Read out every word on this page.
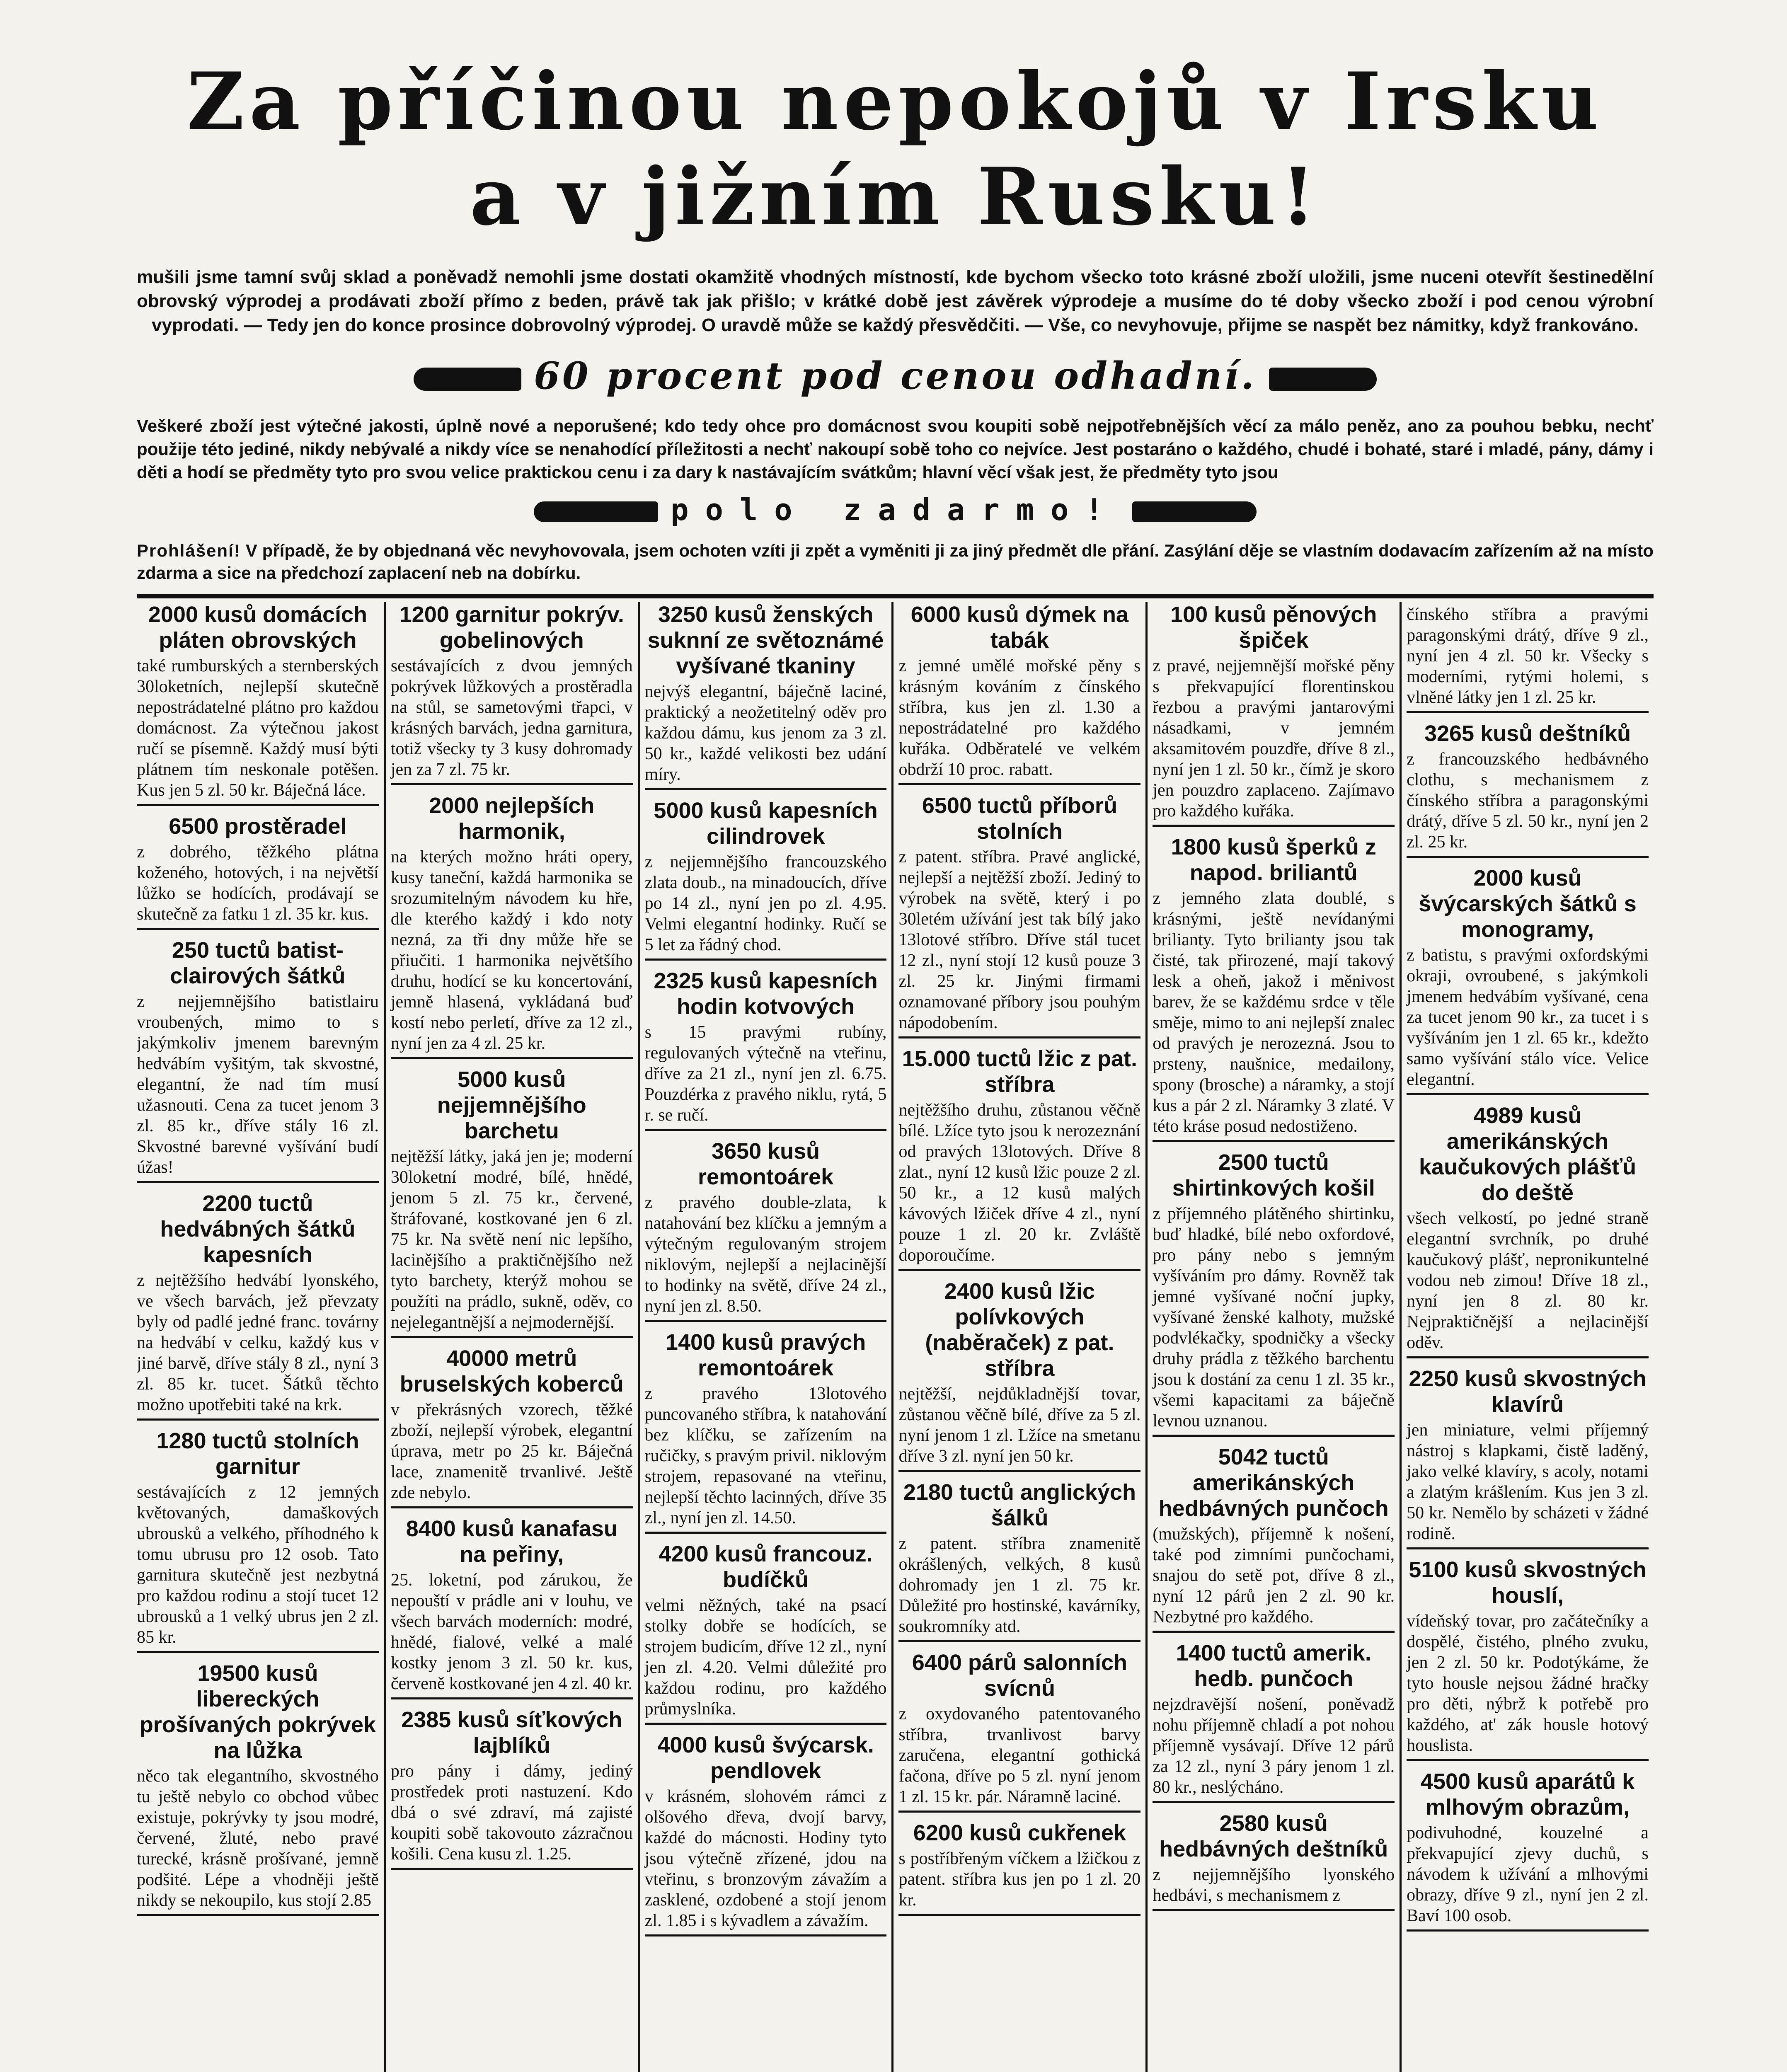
Za příčinou nepokojů v Irsku
a v jižním Rusku!
mušili jsme tamní svůj sklad a poněvadž nemohli jsme dostati okamžitě vhodných místností, kde bychom všecko toto krásné zboží uložili, jsme nuceni otevřít šestinedělní obrovský výprodej a prodávati zboží přímo z beden, právě tak jak přišlo; v krátké době jest závěrek výprodeje a musíme do té doby všecko zboží i pod cenou výrobní vyprodati. — Tedy jen do konce prosince dobrovolný výprodej. O uravdě může se každý přesvědčiti. — Vše, co nevyhovuje, přijme se naspět bez námitky, když frankováno.
60 procent pod cenou odhadní.
Veškeré zboží jest výtečné jakosti, úplně nové a neporušené; kdo tedy ohce pro domácnost svou koupiti sobě nejpotřebnějších věcí za málo peněz, ano za pouhou bebku, nechť použije této jediné, nikdy nebývalé a nikdy více se nenahodící příležitosti a nechť nakoupí sobě toho co nejvíce. Jest postaráno o každého, chudé i bohaté, staré i mladé, pány, dámy i děti a hodí se předměty tyto pro svou velice praktickou cenu i za dary k nastávajícím svátkům; hlavní věcí však jest, že předměty tyto jsou
polo zadarmo!
Prohlášení! V případě, že by objednaná věc nevyhovovala, jsem ochoten vzíti ji zpět a vyměniti ji za jiný předmět dle přání. Zasýlání děje se vlastním dodavacím zařízením až na místo zdarma a sice na předchozí zaplacení neb na dobírku.
2000 kusů domácích pláten obrovských

také rumburských a sternberských 30loketních, nejlepší skutečně nepostrádatelné plátno pro každou domácnost. Za výtečnou jakost ručí se písemně. Každý musí býti plátnem tím neskonale potěšen. Kus jen 5 zl. 50 kr. Báječná láce.

6500 prostěradel

z dobrého, těžkého plátna koženého, hotových, i na největší lůžko se hodících, prodávají se skutečně za fatku 1 zl. 35 kr. kus.

250 tuctů batist-clairových šátků

z nejjemnějšího batistlairu vroubených, mimo to s jakýmkoliv jmenem barevným hedvábím vyšitým, tak skvostné, elegantní, že nad tím musí užasnouti. Cena za tucet jenom 3 zl. 85 kr., dříve stály 16 zl. Skvostné barevné vyšívání budí úžas!

2200 tuctů hedvábných šátků kapesních

z nejtěžšího hedvábí lyonského, ve všech barvách, jež převzaty byly od padlé jedné franc. továrny na hedvábí v celku, každý kus v jiné barvě, dříve stály 8 zl., nyní 3 zl. 85 kr. tucet. Šátků těchto možno upotřebiti také na krk.

1280 tuctů stolních garnitur

sestávajících z 12 jemných květovaných, damaškových ubrousků a velkého, příhodného k tomu ubrusu pro 12 osob. Tato garnitura skutečně jest nezbytná pro každou rodinu a stojí tucet 12 ubrousků a 1 velký ubrus jen 2 zl. 85 kr.

19500 kusů libereckých prošívaných pokrývek na lůžka

něco tak elegantního, skvostného tu ještě nebylo co obchod vůbec existuje, pokrývky ty jsou modré, červené, žluté, nebo pravé turecké, krásně prošívané, jemně podšité. Lépe a vhodněji ještě nikdy se nekoupilo, kus stojí 2.85

1200 garnitur pokrýv. gobelinových

sestávajících z dvou jemných pokrývek lůžkových a prostěradla na stůl, se sametovými třapci, v krásných barvách, jedna garnitura, totiž všecky ty 3 kusy dohromady jen za 7 zl. 75 kr.

2000 nejlepších harmonik,

na kterých možno hráti opery, kusy taneční, každá harmonika se srozumitelným návodem ku hře, dle kterého každý i kdo noty nezná, za tři dny může hře se přiučiti. 1 harmonika největšího druhu, hodící se ku koncertování, jemně hlasená, vykládaná buď kostí nebo perletí, dříve za 12 zl., nyní jen za 4 zl. 25 kr.

5000 kusů nejjemnějšího barchetu

nejtěžší látky, jaká jen je; moderní 30loketní modré, bílé, hnědé, jenom 5 zl. 75 kr., červené, štráfované, kostkované jen 6 zl. 75 kr. Na světě není nic lepšího, lacinějšího a praktičnějšího než tyto barchety, kterýž mohou se použíti na prádlo, sukně, oděv, co nejelegantnější a nejmodernější.

40000 metrů bruselských koberců

v překrásných vzorech, těžké zboží, nejlepší výrobek, elegantní úprava, metr po 25 kr. Báječná lace, znamenitě trvanlivé. Ještě zde nebylo.

8400 kusů kanafasu na peřiny,

25. loketní, pod zárukou, že nepouští v prádle ani v louhu, ve všech barvách moderních: modré, hnědé, fialové, velké a malé kostky jenom 3 zl. 50 kr. kus, červeně kostkované jen 4 zl. 40 kr.

2385 kusů síťkových lajblíků

pro pány i dámy, jediný prostředek proti nastuzení. Kdo dbá o své zdraví, má zajisté koupiti sobě takovouto zázračnou košili. Cena kusu zl. 1.25.

3250 kusů ženských suknní ze světoznámé vyšívané tkaniny

nejvýš elegantní, báječně laciné, praktický a neožetitelný oděv pro každou dámu, kus jenom za 3 zl. 50 kr., každé velikosti bez udání míry.

5000 kusů kapesních cilindrovek

z nejjemnějšího francouzského zlata doub., na minadoucích, dříve po 14 zl., nyní jen po zl. 4.95. Velmi elegantní hodinky. Ručí se 5 let za řádný chod.

2325 kusů kapesních hodin kotvových

s 15 pravými rubíny, regulovaných výtečně na vteřinu, dříve za 21 zl., nyní jen zl. 6.75. Pouzdérka z pravého niklu, rytá, 5 r. se ručí.

3650 kusů remontoárek

z pravého double-zlata, k natahování bez klíčku a jemným a výtečným regulovaným strojem niklovým, nejlepší a nejlacinější to hodinky na světě, dříve 24 zl., nyní jen zl. 8.50.

1400 kusů pravých remontoárek

z pravého 13lotového puncovaného stříbra, k natahování bez klíčku, se zařízením na ručičky, s pravým privil. niklovým strojem, repasované na vteřinu, nejlepší těchto lacinných, dříve 35 zl., nyní jen zl. 14.50.

4200 kusů francouz. budíčků

velmi něžných, také na psací stolky dobře se hodících, se strojem budicím, dříve 12 zl., nyní jen zl. 4.20. Velmi důležité pro každou rodinu, pro každého průmyslníka.

4000 kusů švýcarsk. pendlovek

v krásném, slohovém rámci z olšového dřeva, dvojí barvy, každé do mácnosti. Hodiny tyto jsou výtečně zřízené, jdou na vteřinu, s bronzovým závažím a zasklené, ozdobené a stojí jenom zl. 1.85 i s kývadlem a závažím.

6000 kusů dýmek na tabák

z jemné umělé mořské pěny s krásným kováním z čínského stříbra, kus jen zl. 1.30 a nepostrádatelné pro každého kuřáka. Odběratelé ve velkém obdrží 10 proc. rabatt.

6500 tuctů příborů stolních

z patent. stříbra. Pravé anglické, nejlepší a nejtěžší zboží. Jediný to výrobek na světě, který i po 30letém užívání jest tak bílý jako 13lotové stříbro. Dříve stál tucet 12 zl., nyní stojí 12 kusů pouze 3 zl. 25 kr. Jinými firmami oznamované příbory jsou pouhým nápodobením.

15.000 tuctů lžic z pat. stříbra

nejtěžšího druhu, zůstanou věčně bílé. Lžíce tyto jsou k nerozeznání od pravých 13lotových. Dříve 8 zlat., nyní 12 kusů lžic pouze 2 zl. 50 kr., a 12 kusů malých kávových lžiček dříve 4 zl., nyní pouze 1 zl. 20 kr. Zvláště doporoučíme.

2400 kusů lžic polívkových (naběraček) z pat. stříbra

nejtěžší, nejdůkladnější tovar, zůstanou věčně bílé, dříve za 5 zl. nyní jenom 1 zl. Lžíce na smetanu dříve 3 zl. nyní jen 50 kr.

2180 tuctů anglických šálků

z patent. stříbra znamenitě okrášlených, velkých, 8 kusů dohromady jen 1 zl. 75 kr. Důležité pro hostinské, kavárníky, soukromníky atd.

6400 párů salonních svícnů

z oxydovaného patentovaného stříbra, trvanlivost barvy zaručena, elegantní gothická fačona, dříve po 5 zl. nyní jenom 1 zl. 15 kr. pár. Náramně laciné.

6200 kusů cukřenek

s postříbřeným víčkem a lžičkou z patent. stříbra kus jen po 1 zl. 20 kr.

100 kusů pěnových špiček

z pravé, nejjemnější mořské pěny s překvapující florentinskou řezbou a pravými jantarovými násadkami, v jemném aksamitovém pouzdře, dříve 8 zl., nyní jen 1 zl. 50 kr., čímž je skoro jen pouzdro zaplaceno. Zajímavo pro každého kuřáka.

1800 kusů šperků z napod. briliantů

z jemného zlata doublé, s krásnými, ještě nevídanými brilianty. Tyto brilianty jsou tak čisté, tak přirozené, mají takový lesk a oheň, jakož i měnivost barev, že se každému srdce v těle směje, mimo to ani nejlepší znalec od pravých je nerozezná. Jsou to prsteny, naušnice, medailony, spony (brosche) a náramky, a stojí kus a pár 2 zl. Náramky 3 zlaté. V této kráse posud nedostiženo.

2500 tuctů shirtinkových košil

z příjemného plátěného shirtinku, buď hladké, bílé nebo oxfordové, pro pány nebo s jemným vyšíváním pro dámy. Rovněž tak jemné vyšívané noční jupky, vyšívané ženské kalhoty, mužské podvlékačky, spodničky a všecky druhy prádla z těžkého barchentu jsou k dostání za cenu 1 zl. 35 kr., všemi kapacitami za báječně levnou uznanou.

5042 tuctů amerikánských hedbávných punčoch

(mužských), příjemně k nošení, také pod zimními punčochami, snajou do setě pot, dříve 8 zl., nyní 12 párů jen 2 zl. 90 kr. Nezbytné pro každého.

1400 tuctů amerik. hedb. punčoch

nejzdravější nošení, poněvadž nohu příjemně chladí a pot nohou příjemně vysávají. Dříve 12 párů za 12 zl., nyní 3 páry jenom 1 zl. 80 kr., neslýcháno.

2580 kusů hedbávných deštníků

z nejjemnějšího lyonského hedbávi, s mechanismem z

čínského stříbra a pravými paragonskými drátý, dříve 9 zl., nyní jen 4 zl. 50 kr. Všecky s moderními, rytými holemi, s vlněné látky jen 1 zl. 25 kr.

3265 kusů deštníků

z francouzského hedbávného clothu, s mechanismem z čínského stříbra a paragonskými drátý, dříve 5 zl. 50 kr., nyní jen 2 zl. 25 kr.

2000 kusů švýcarských šátků s monogramy,

z batistu, s pravými oxfordskými okraji, ovroubené, s jakýmkoli jmenem hedvábím vyšívané, cena za tucet jenom 90 kr., za tucet i s vyšíváním jen 1 zl. 65 kr., kdežto samo vyšívání stálo více. Velice elegantní.

4989 kusů amerikánských kaučukových plášťů do deště

všech velkostí, po jedné straně elegantní svrchník, po druhé kaučukový plášť, nepronikuntelné vodou neb zimou! Dříve 18 zl., nyní jen 8 zl. 80 kr. Nejpraktičnější a nejlacinější oděv.

2250 kusů skvostných klavírů

jen miniature, velmi příjemný nástroj s klapkami, čistě laděný, jako velké klavíry, s acoly, notami a zlatým krášlením. Kus jen 3 zl. 50 kr. Nemělo by scházeti v žádné rodině.

5100 kusů skvostných houslí,

vídeňský tovar, pro začátečníky a dospělé, čistého, plného zvuku, jen 2 zl. 50 kr. Podotýkáme, že tyto housle nejsou žádné hračky pro děti, nýbrž k potřebě pro každého, at' zák housle hotový houslista.

4500 kusů aparátů k mlhovým obrazům,

podivuhodné, kouzelné a překvapující zjevy duchů, s návodem k užívání a mlhovými obrazy, dříve 9 zl., nyní jen 2 zl. Baví 100 osob.
